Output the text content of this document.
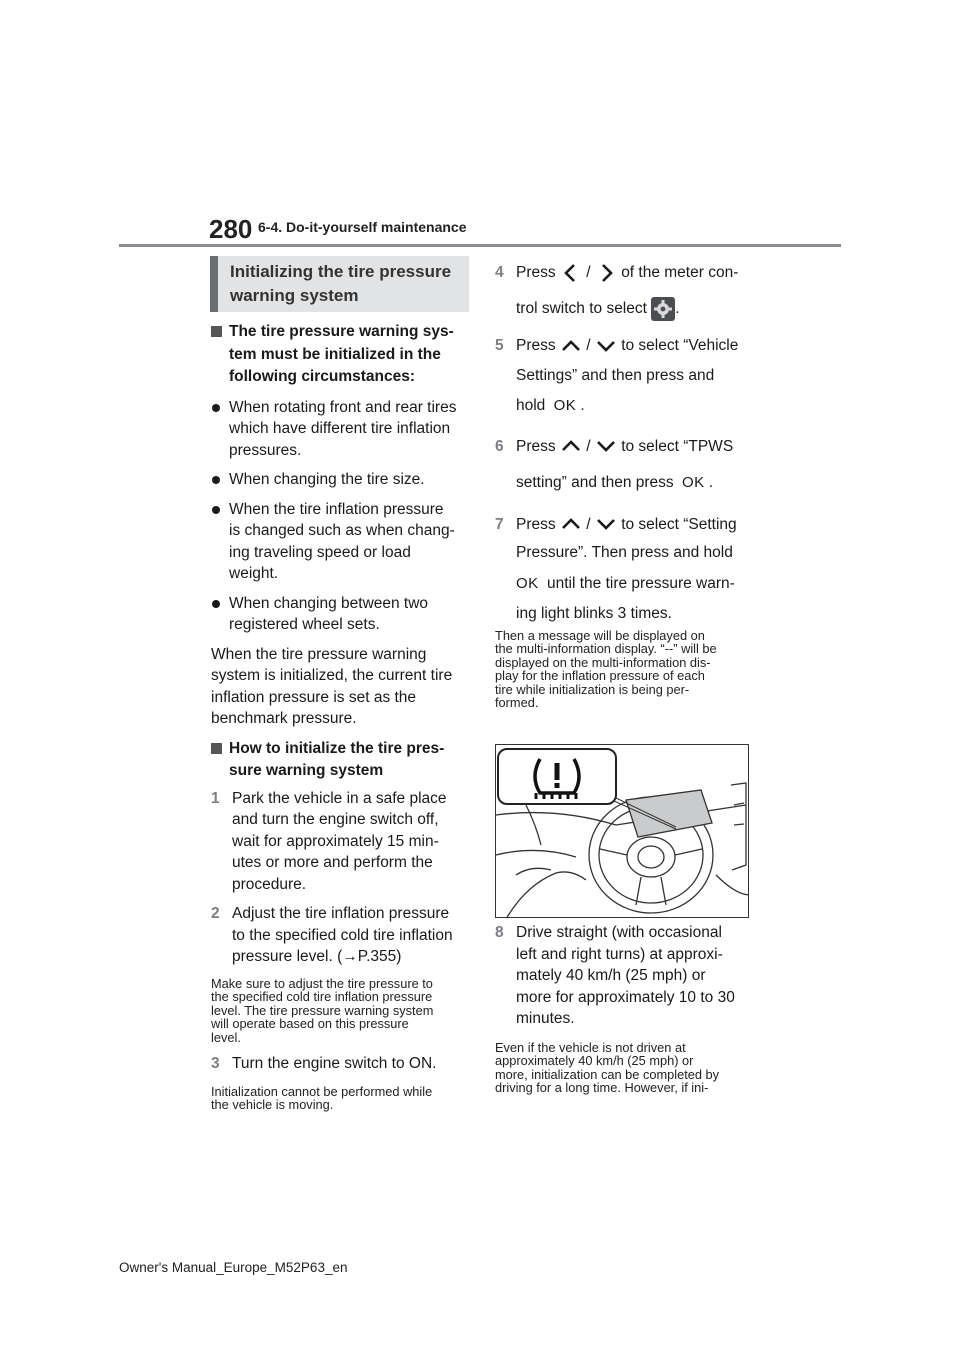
280 6-4. Do-it-yourself maintenance
Initializing the tire pressure
warning system
The tire pressure warning sys-
tem must be initialized in the
following circumstances:
When rotating front and rear tires
which have different tire inflation
pressures.
When changing the tire size.
When the tire inflation pressure
is changed such as when chang-
ing traveling speed or load
weight.
When changing between two
registered wheel sets.
When the tire pressure warning
system is initialized, the current tire
inflation pressure is set as the
benchmark pressure.
How to initialize the tire pres-
sure warning system
1 Park the vehicle in a safe place
and turn the engine switch off,
wait for approximately 15 min-
utes or more and perform the
procedure.
2 Adjust the tire inflation pressure
to the specified cold tire inflation
pressure level. (→P.355)
Make sure to adjust the tire pressure to
the specified cold tire inflation pressure
level. The tire pressure warning system
will operate based on this pressure
level.
3 Turn the engine switch to ON.
Initialization cannot be performed while
the vehicle is moving.
4 Press / of the meter con-
trol switch to select .
5 Press / to select “Vehicle
Settings” and then press and
hold OK .
6 Press / to select “TPWS
setting” and then press OK .
7 Press / to select “Setting
Pressure”. Then press and hold
OK until the tire pressure warn-
ing light blinks 3 times.
Then a message will be displayed on
the multi-information display. “--” will be
displayed on the multi-information dis-
play for the inflation pressure of each
tire while initialization is being per-
formed.
8 Drive straight (with occasional
left and right turns) at approxi-
mately 40 km/h (25 mph) or
more for approximately 10 to 30
minutes.
Even if the vehicle is not driven at
approximately 40 km/h (25 mph) or
more, initialization can be completed by
driving for a long time. However, if ini-
Owner's Manual_Europe_M52P63_en
